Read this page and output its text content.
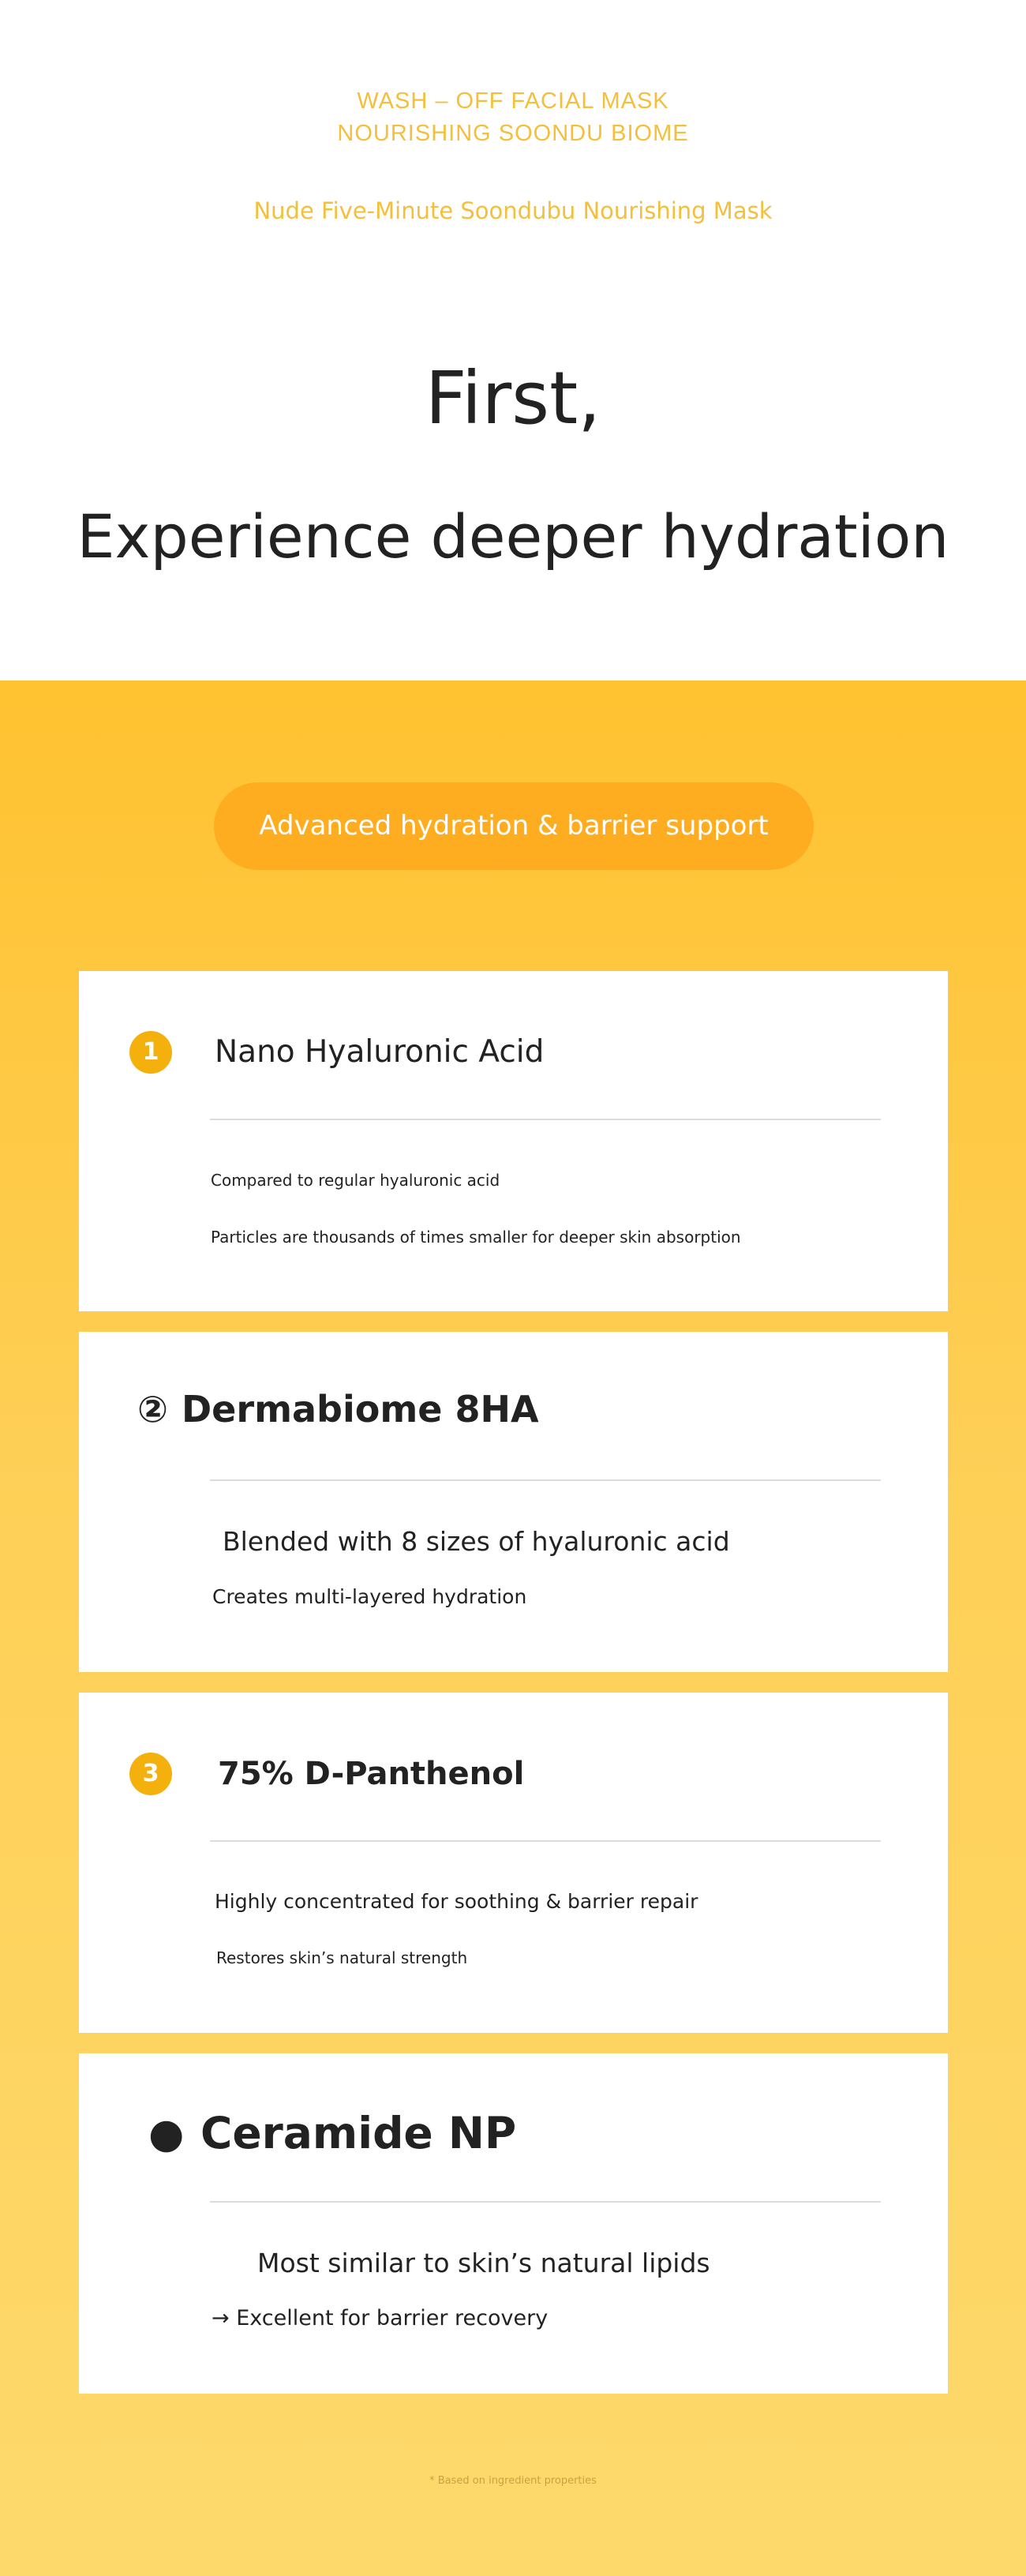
WASH – OFF FACIAL MASK
NOURISHING SOONDU BIOME
Nude Five-Minute Soondubu Nourishing Mask
First,
Experience deeper hydration
Advanced hydration & barrier support
1	Nano Hyaluronic Acid
Compared to regular hyaluronic acid
Particles are thousands of times smaller for deeper skin absorption
② Dermabiome 8HA
Blended with 8 sizes of hyaluronic acid
Creates multi-layered hydration
3	75% D-Panthenol
Highly concentrated for soothing & barrier repair
Restores skin’s natural strength
● Ceramide NP
Most similar to skin’s natural lipids
→ Excellent for barrier recovery
* Based on ingredient properties
